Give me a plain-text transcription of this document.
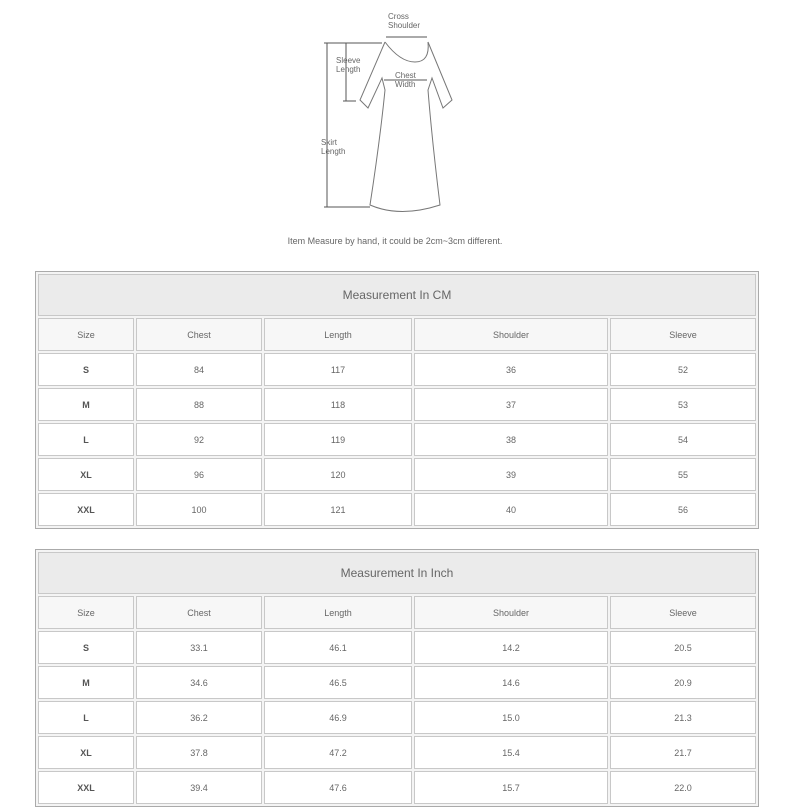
Cross
Shoulder
Sleeve
Length
Chest
Width
Skirt
Length
Item Measure by hand, it could be 2cm~3cm different.
Measurement In CM				
Size	Chest	Length	Shoulder	Sleeve
S	84	117	36	52
M	88	118	37	53
L	92	119	38	54
XL	96	120	39	55
XXL	100	121	40	56
Measurement In Inch				
Size	Chest	Length	Shoulder	Sleeve
S	33.1	46.1	14.2	20.5
M	34.6	46.5	14.6	20.9
L	36.2	46.9	15.0	21.3
XL	37.8	47.2	15.4	21.7
XXL	39.4	47.6	15.7	22.0
